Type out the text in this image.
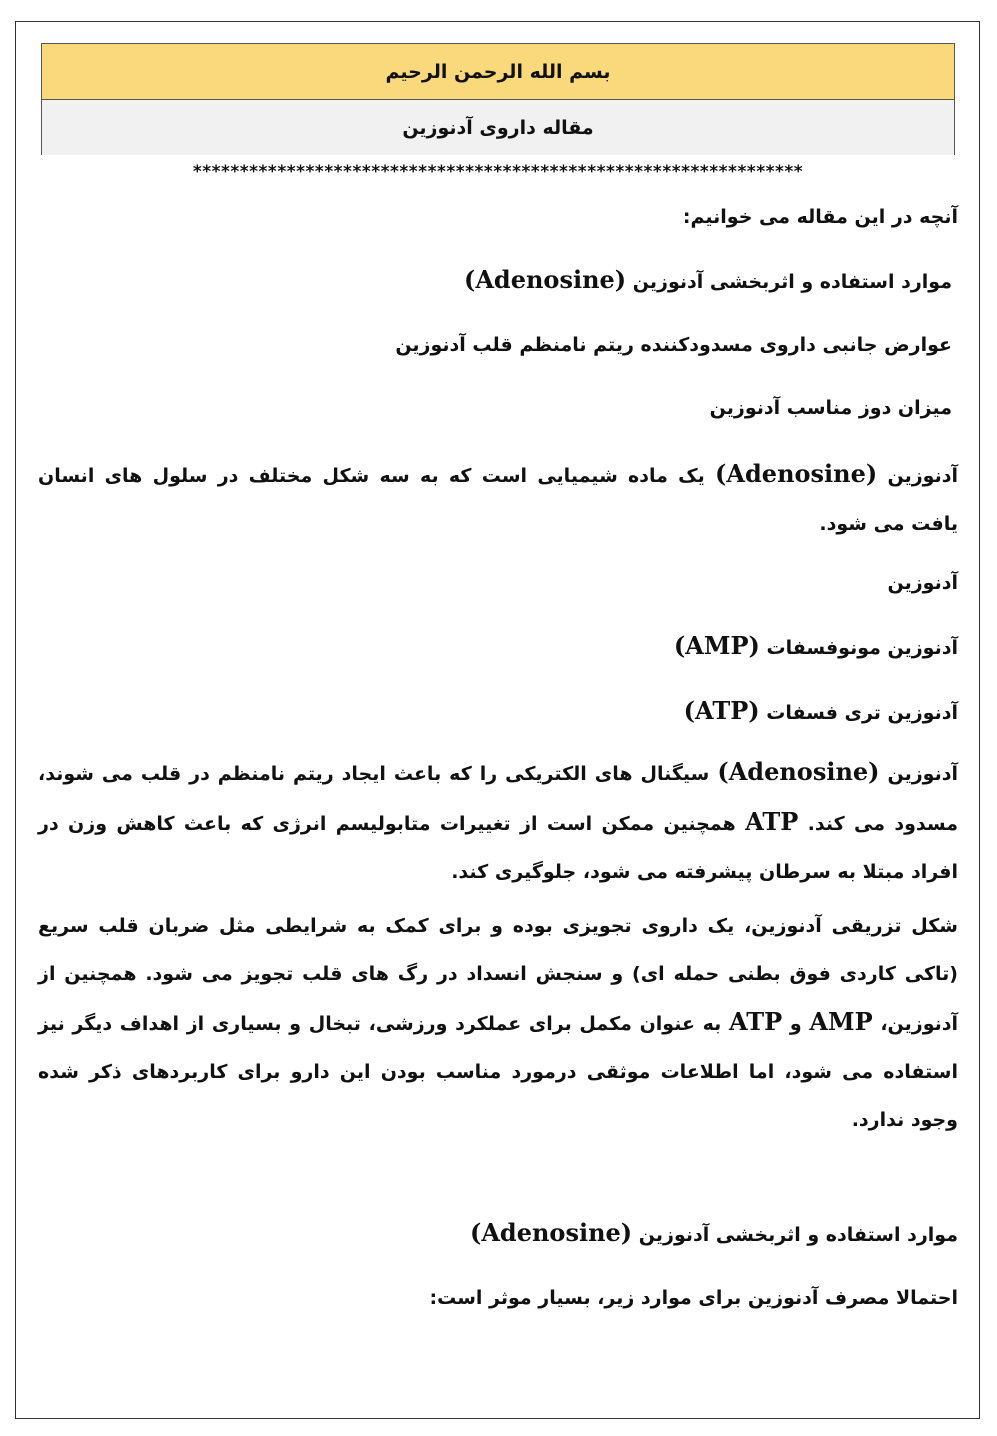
بسم الله الرحمن الرحیم
مقاله داروی آدنوزین
*****************************************************************

آنچه در این مقاله می خوانیم:

موارد استفاده و اثربخشی آدنوزین (Adenosine)

عوارض جانبی داروی مسدودکننده ریتم نامنظم قلب آدنوزین

میزان دوز مناسب آدنوزین

آدنوزین (Adenosine) یک ماده شیمیایی است که به سه شکل مختلف در سلول های انسان یافت می شود.

آدنوزین

آدنوزین مونوفسفات (AMP)

آدنوزین تری فسفات (ATP)

آدنوزین (Adenosine) سیگنال های الکتریکی را که باعث ایجاد ریتم نامنظم در قلب می شوند، مسدود می کند. ATP همچنین ممکن است از تغییرات متابولیسم انرژی که باعث کاهش وزن در افراد مبتلا به سرطان پیشرفته می شود، جلوگیری کند.

شکل تزریقی آدنوزین، یک داروی تجویزی بوده و برای کمک به شرایطی مثل ضربان قلب سریع (تاکی کاردی فوق بطنی حمله ای) و سنجش انسداد در رگ های قلب تجویز می شود. همچنین از آدنوزین، AMP و ATP به عنوان مکمل برای عملکرد ورزشی، تبخال و بسیاری از اهداف دیگر نیز استفاده می شود، اما اطلاعات موثقی درمورد مناسب بودن این دارو برای کاربردهای ذکر شده وجود ندارد.

موارد استفاده و اثربخشی آدنوزین (Adenosine)

احتمالا مصرف آدنوزین برای موارد زیر، بسیار موثر است:
